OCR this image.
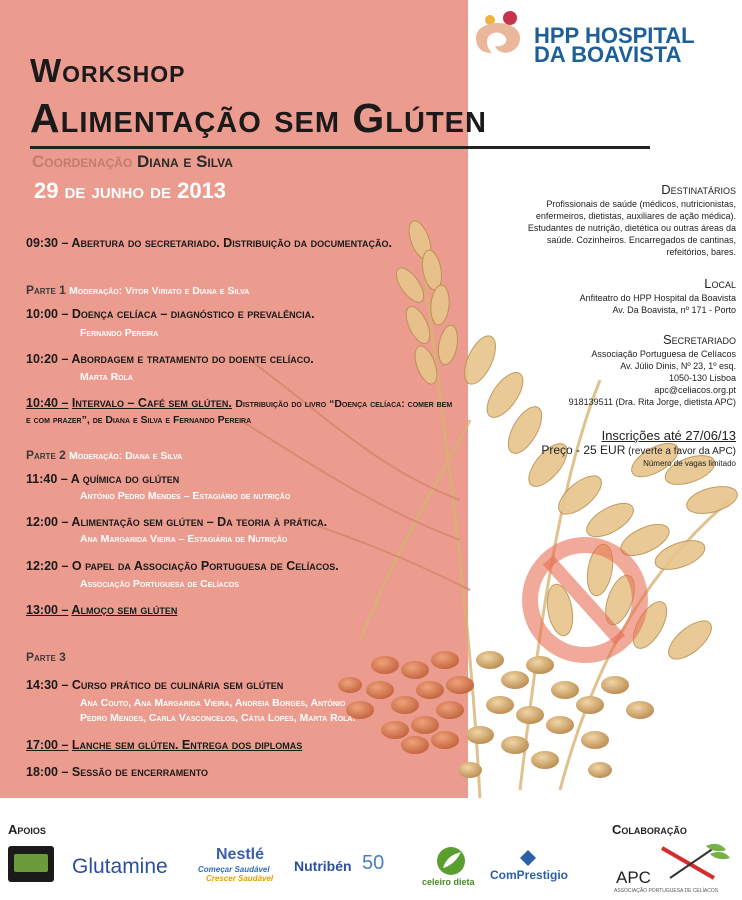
HPP HOSPITAL
DA BOAVISTA
Workshop
Alimentação sem Glúten
Coordenação Diana e Silva
29 de junho de 2013
09:30 – Abertura do secretariado. Distribuição da documentação.
Parte 1 Moderação: Vítor Viriato e Diana e Silva
10:00 – Doença celíaca – diagnóstico e prevalência.
Fernando Pereira
10:20 – Abordagem e tratamento do doente celíaco.
Marta Rola
10:40 – Intervalo – Café sem glúten. Distribuição do livro “Doença celíaca: comer bem e com prazer”, de Diana e Silva e Fernando Pereira
Parte 2 Moderação: Diana e Silva
11:40 – A química do glúten
António Pedro Mendes – Estagiário de nutrição
12:00 – Alimentação sem glúten – Da teoria à prática.
Ana Margarida Vieira – Estagiária de Nutrição
12:20 – O papel da Associação Portuguesa de Celíacos.
Associação Portuguesa de Celíacos
13:00 – Almoço sem glúten
Parte 3
14:30 – Curso prático de culinária sem glúten
Ana Couto, Ana Margarida Vieira, Andreia Borges, António
Pedro Mendes, Carla Vasconcelos, Cátia Lopes, Marta Rola.
17:00 – Lanche sem glúten. Entrega dos diplomas
18:00 – Sessão de encerramento
Destinatários
Profissionais de saúde (médicos, nutricionistas,
enfermeiros, dietistas, auxiliares de ação médica).
Estudantes de nutrição, dietética ou outras áreas da
saúde. Cozinheiros. Encarregados de cantinas,
refeitórios, bares.
Local
Anfiteatro do HPP Hospital da Boavista
Av. Da Boavista, nº 171 - Porto
Secretariado
Associação Portuguesa de Celíacos
Av. Júlio Dinis, Nº 23, 1º esq.
1050-130 Lisboa
apc@celiacos.org.pt
918139511 (Dra. Rita Jorge, dietista APC)
Inscrições até 27/06/13
Preço - 25 EUR (reverte a favor da APC)
Número de vagas limitado
Apoios	Colaboração
Glutamine
Nestlé
Começar Saudável
Crescer Saudável
Nutribén 50
celeiro dieta ComPrestigio	APC
ASSOCIAÇÃO PORTUGUESA DE CELÍACOS
